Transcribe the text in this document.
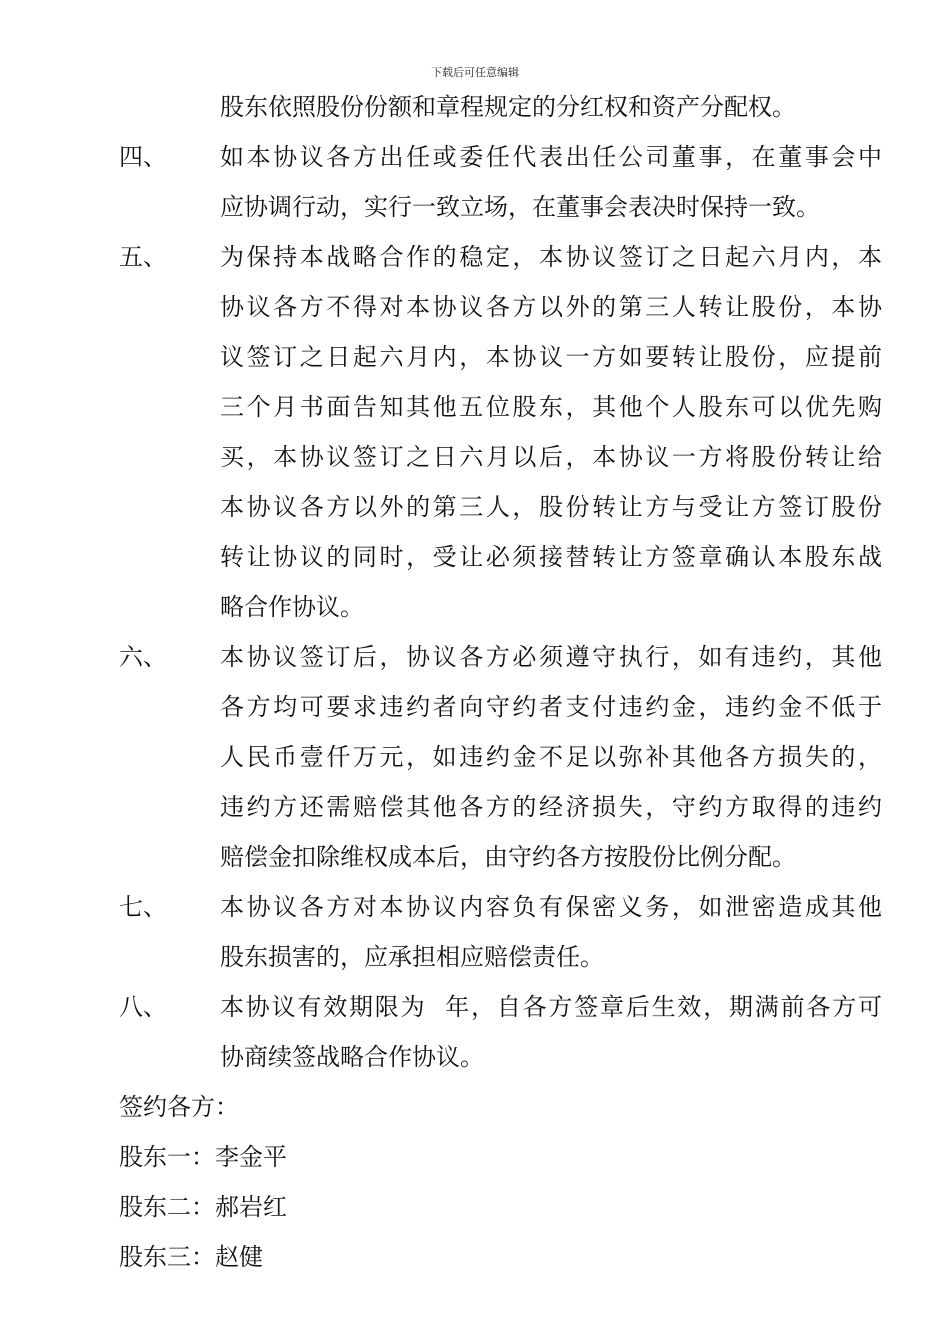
下载后可任意编辑
股东依照股份份额和章程规定的分红权和资产分配权。
四、 如本协议各方出任或委任代表出任公司董事，在董事会中
应协调行动，实行一致立场，在董事会表决时保持一致。
五、 为保持本战略合作的稳定，本协议签订之日起六月内，本
协议各方不得对本协议各方以外的第三人转让股份，本协
议签订之日起六月内，本协议一方如要转让股份，应提前
三个月书面告知其他五位股东，其他个人股东可以优先购
买，本协议签订之日六月以后，本协议一方将股份转让给
本协议各方以外的第三人，股份转让方与受让方签订股份
转让协议的同时，受让必须接替转让方签章确认本股东战
略合作协议。
六、 本协议签订后，协议各方必须遵守执行，如有违约，其他
各方均可要求违约者向守约者支付违约金，违约金不低于
人民币壹仟万元，如违约金不足以弥补其他各方损失的，
违约方还需赔偿其他各方的经济损失，守约方取得的违约
赔偿金扣除维权成本后，由守约各方按股份比例分配。
七、 本协议各方对本协议内容负有保密义务，如泄密造成其他
股东损害的，应承担相应赔偿责任。
八、 本协议有效期限为  年，自各方签章后生效，期满前各方可
协商续签战略合作协议。
签约各方：
股东一：李金平
股东二：郝岩红
股东三：赵健
